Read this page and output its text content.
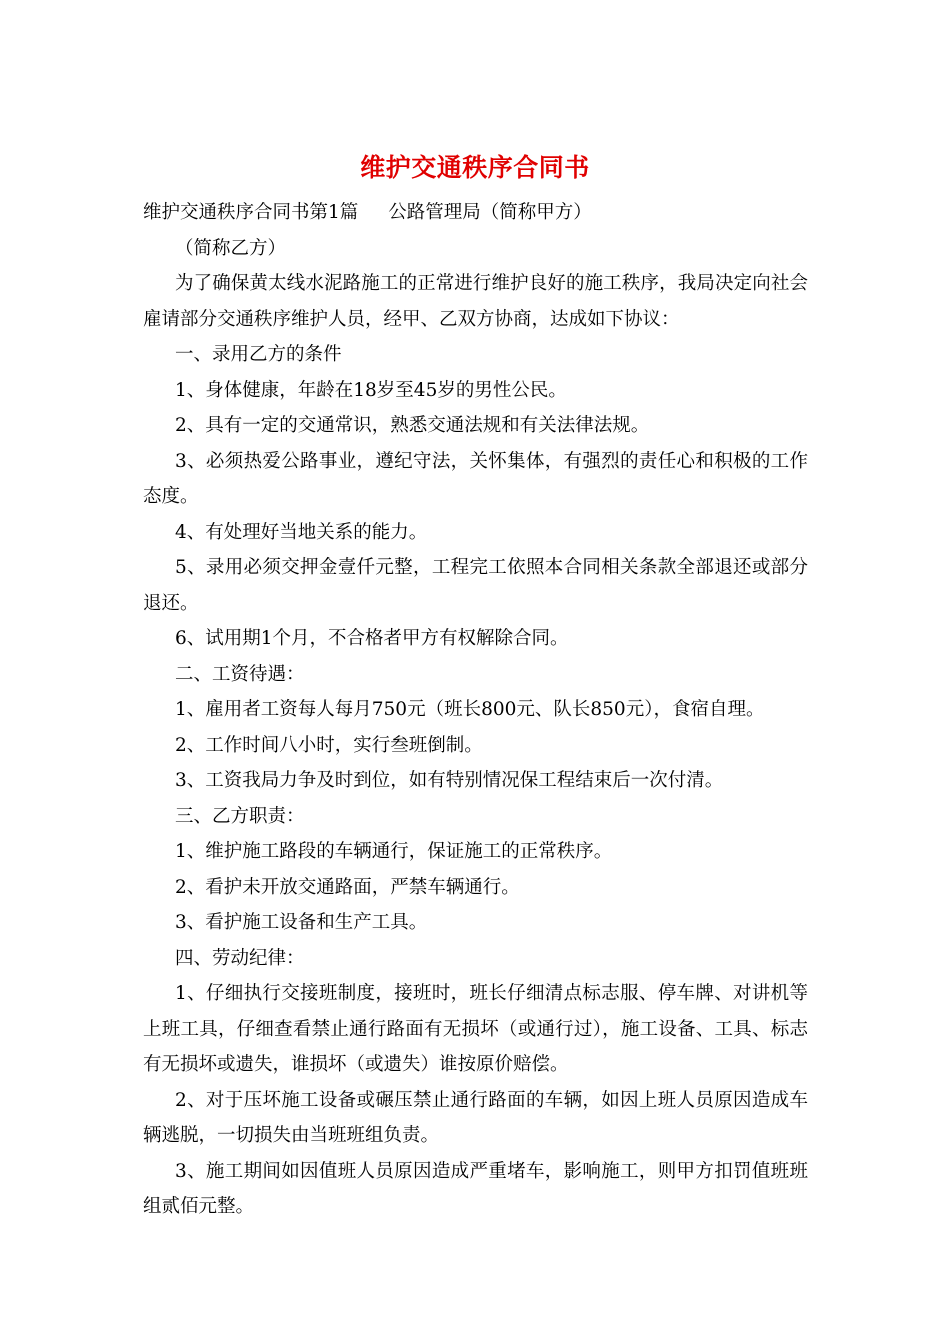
维护交通秩序合同书

维护交通秩序合同书第1篇 公路管理局（简称甲方）

（简称乙方）

为了确保黄太线水泥路施工的正常进行维护良好的施工秩序，我局决定向社会雇请部分交通秩序维护人员，经甲、乙双方协商，达成如下协议：

一、录用乙方的条件

1、身体健康，年龄在18岁至45岁的男性公民。

2、具有一定的交通常识，熟悉交通法规和有关法律法规。

3、必须热爱公路事业，遵纪守法，关怀集体，有强烈的责任心和积极的工作态度。

4、有处理好当地关系的能力。

5、录用必须交押金壹仟元整，工程完工依照本合同相关条款全部退还或部分退还。

6、试用期1个月，不合格者甲方有权解除合同。

二、工资待遇：

1、雇用者工资每人每月750元（班长800元、队长850元），食宿自理。

2、工作时间八小时，实行叁班倒制。

3、工资我局力争及时到位，如有特别情况保工程结束后一次付清。

三、乙方职责：

1、维护施工路段的车辆通行，保证施工的正常秩序。

2、看护未开放交通路面，严禁车辆通行。

3、看护施工设备和生产工具。

四、劳动纪律：

1、仔细执行交接班制度，接班时，班长仔细清点标志服、停车牌、对讲机等上班工具，仔细查看禁止通行路面有无损坏（或通行过），施工设备、工具、标志有无损坏或遗失，谁损坏（或遗失）谁按原价赔偿。

2、对于压坏施工设备或碾压禁止通行路面的车辆，如因上班人员原因造成车辆逃脱，一切损失由当班班组负责。

3、施工期间如因值班人员原因造成严重堵车，影响施工，则甲方扣罚值班班组贰佰元整。
